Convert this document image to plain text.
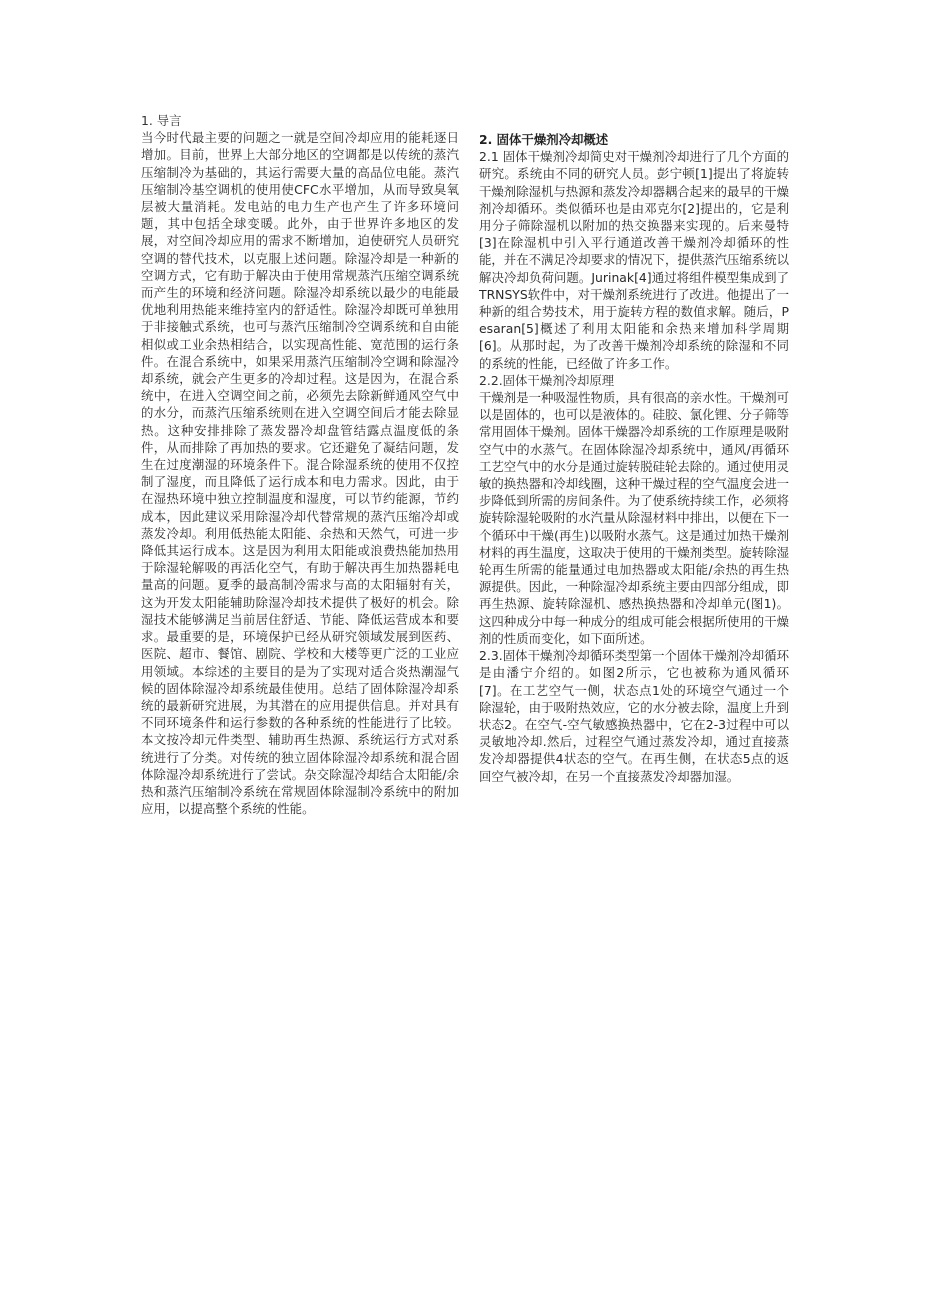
1. 导言

当今时代最主要的问题之一就是空间冷却应用的能耗逐日增加。目前，世界上大部分地区的空调都是以传统的蒸汽压缩制冷为基础的，其运行需要大量的高品位电能。蒸汽压缩制冷基空调机的使用使CFC水平增加，从而导致臭氧层被大量消耗。发电站的电力生产也产生了许多环境问题，其中包括全球变暖。此外，由于世界许多地区的发展，对空间冷却应用的需求不断增加，迫使研究人员研究空调的替代技术，以克服上述问题。除湿冷却是一种新的空调方式，它有助于解决由于使用常规蒸汽压缩空调系统而产生的环境和经济问题。除湿冷却系统以最少的电能最优地利用热能来维持室内的舒适性。除湿冷却既可单独用于非接触式系统，也可与蒸汽压缩制冷空调系统和自由能相似或工业余热相结合，以实现高性能、宽范围的运行条件。在混合系统中，如果采用蒸汽压缩制冷空调和除湿冷却系统，就会产生更多的冷却过程。这是因为，在混合系统中，在进入空调空间之前，必须先去除新鲜通风空气中的水分，而蒸汽压缩系统则在进入空调空间后才能去除显热。这种安排排除了蒸发器冷却盘管结露点温度低的条件，从而排除了再加热的要求。它还避免了凝结问题，发生在过度潮湿的环境条件下。混合除湿系统的使用不仅控制了湿度，而且降低了运行成本和电力需求。因此，由于在湿热环境中独立控制温度和湿度，可以节约能源，节约成本，因此建议采用除湿冷却代替常规的蒸汽压缩冷却或蒸发冷却。利用低热能太阳能、余热和天然气，可进一步降低其运行成本。这是因为利用太阳能或浪费热能加热用于除湿轮解吸的再活化空气，有助于解决再生加热器耗电量高的问题。夏季的最高制冷需求与高的太阳辐射有关，这为开发太阳能辅助除湿冷却技术提供了极好的机会。除湿技术能够满足当前居住舒适、节能、降低运营成本和要求。最重要的是，环境保护已经从研究领域发展到医药、医院、超市、餐馆、剧院、学校和大楼等更广泛的工业应用领域。本综述的主要目的是为了实现对适合炎热潮湿气候的固体除湿冷却系统最佳使用。总结了固体除湿冷却系统的最新研究进展，为其潜在的应用提供信息。并对具有不同环境条件和运行参数的各种系统的性能进行了比较。本文按冷却元件类型、辅助再生热源、系统运行方式对系统进行了分类。对传统的独立固体除湿冷却系统和混合固体除湿冷却系统进行了尝试。杂交除湿冷却结合太阳能/余热和蒸汽压缩制冷系统在常规固体除湿制冷系统中的附加应用，以提高整个系统的性能。

2. 固体干燥剂冷却概述

2.1 固体干燥剂冷却简史对干燥剂冷却进行了几个方面的研究。系统由不同的研究人员。彭宁顿[1]提出了将旋转干燥剂除湿机与热源和蒸发冷却器耦合起来的最早的干燥剂冷却循环。类似循环也是由邓克尔[2]提出的，它是利用分子筛除湿机以附加的热交换器来实现的。后来曼特[3]在除湿机中引入平行通道改善干燥剂冷却循环的性能，并在不满足冷却要求的情况下，提供蒸汽压缩系统以解决冷却负荷问题。Jurinak[4]通过将组件模型集成到了TRNSYS软件中，对干燥剂系统进行了改进。他提出了一种新的组合势技术，用于旋转方程的数值求解。随后，Pesaran[5]概述了利用太阳能和余热来增加科学周期[6]。从那时起，为了改善干燥剂冷却系统的除湿和不同的系统的性能，已经做了许多工作。

2.2.固体干燥剂冷却原理

干燥剂是一种吸湿性物质，具有很高的亲水性。干燥剂可以是固体的，也可以是液体的。硅胶、氯化锂、分子筛等常用固体干燥剂。固体干燥器冷却系统的工作原理是吸附空气中的水蒸气。在固体除湿冷却系统中，通风/再循环工艺空气中的水分是通过旋转脱硅轮去除的。通过使用灵敏的换热器和冷却线圈，这种干燥过程的空气温度会进一步降低到所需的房间条件。为了使系统持续工作，必须将旋转除湿轮吸附的水汽量从除湿材料中排出，以便在下一个循环中干燥(再生)以吸附水蒸气。这是通过加热干燥剂材料的再生温度，这取决于使用的干燥剂类型。旋转除湿轮再生所需的能量通过电加热器或太阳能/余热的再生热源提供。因此，一种除湿冷却系统主要由四部分组成，即再生热源、旋转除湿机、感热换热器和冷却单元(图1)。这四种成分中每一种成分的组成可能会根据所使用的干燥剂的性质而变化，如下面所述。

2.3.固体干燥剂冷却循环类型第一个固体干燥剂冷却循环是由潘宁介绍的。如图2所示，它也被称为通风循环[7]。在工艺空气一侧，状态点1处的环境空气通过一个除湿轮，由于吸附热效应，它的水分被去除，温度上升到状态2。在空气-空气敏感换热器中，它在2-3过程中可以灵敏地冷却.然后，过程空气通过蒸发冷却，通过直接蒸发冷却器提供4状态的空气。在再生侧，在状态5点的返回空气被冷却，在另一个直接蒸发冷却器加湿。
